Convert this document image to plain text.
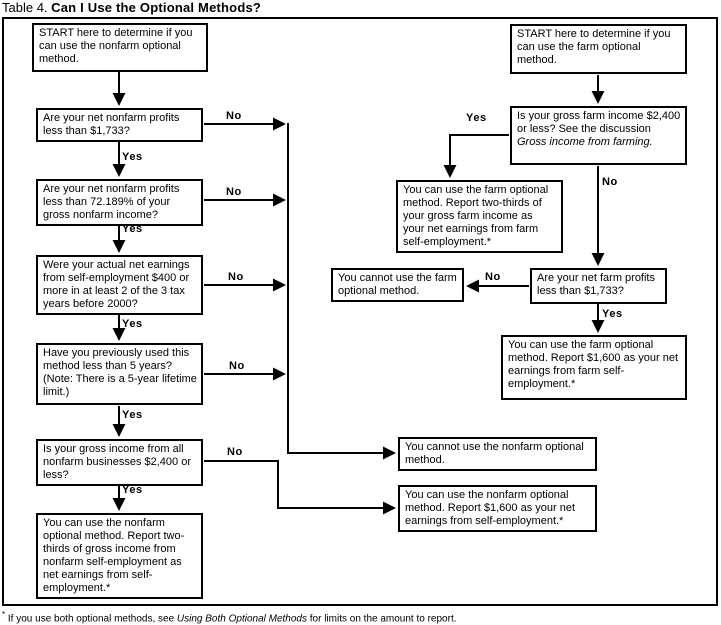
Table 4. Can I Use the Optional Methods?
START here to determine if you can use the nonfarm optional method.
Are your net nonfarm profits less than $1,733?
Are your net nonfarm profits less than 72.189% of your gross nonfarm income?
Were your actual net earnings from self-employment $400 or more in at least 2 of the 3 tax years before 2000?
Have you previously used this method less than 5 years? (Note: There is a 5-year lifetime limit.)
Is your gross income from all nonfarm businesses $2,400 or less?
You can use the nonfarm optional method. Report two-thirds of gross income from nonfarm self-employment as net earnings from self-employment.*
START here to determine if you can use the farm optional method.
Is your gross farm income $2,400 or less? See the discussion Gross income from farming.
You can use the farm optional method. Report two-thirds of your gross farm income as your net earnings from farm self-employment.*
You cannot use the farm optional method.
Are your net farm profits less than $1,733?
You can use the farm optional method. Report $1,600 as your net earnings from farm self-employment.*
You cannot use the nonfarm optional method.
You can use the nonfarm optional method. Report $1,600 as your net earnings from self-employment.*
Yes
Yes
Yes
Yes
Yes
No
No
No
No
No
Yes
No
No
Yes
* If you use both optional methods, see Using Both Optional Methods for limits on the amount to report.
